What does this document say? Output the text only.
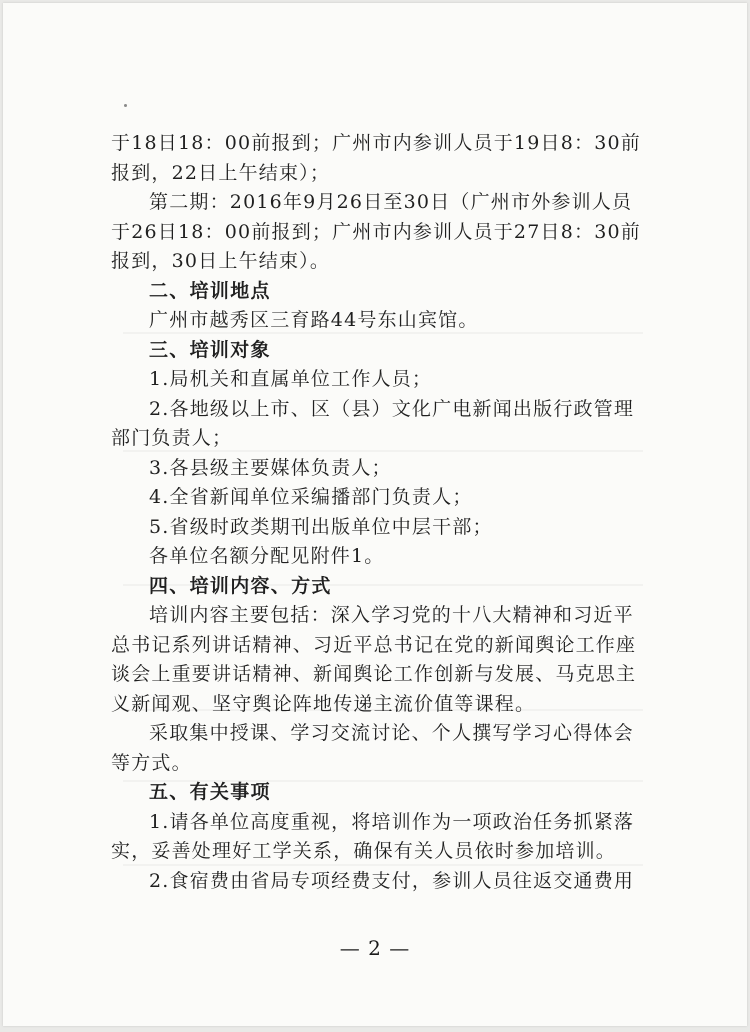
于18日18：00前报到；广州市内参训人员于19日8：30前报到，22日上午结束）；

第二期：2016年9月26日至30日（广州市外参训人员于26日18：00前报到；广州市内参训人员于27日8：30前报到，30日上午结束）。

二、培训地点

广州市越秀区三育路44号东山宾馆。

三、培训对象

1.局机关和直属单位工作人员；

2.各地级以上市、区（县）文化广电新闻出版行政管理部门负责人；

3.各县级主要媒体负责人；

4.全省新闻单位采编播部门负责人；

5.省级时政类期刊出版单位中层干部；

各单位名额分配见附件1。

四、培训内容、方式

培训内容主要包括：深入学习党的十八大精神和习近平总书记系列讲话精神、习近平总书记在党的新闻舆论工作座谈会上重要讲话精神、新闻舆论工作创新与发展、马克思主义新闻观、坚守舆论阵地传递主流价值等课程。

采取集中授课、学习交流讨论、个人撰写学习心得体会等方式。

五、有关事项

1.请各单位高度重视，将培训作为一项政治任务抓紧落实，妥善处理好工学关系，确保有关人员依时参加培训。

2.食宿费由省局专项经费支付，参训人员往返交通费用

— 2 —
